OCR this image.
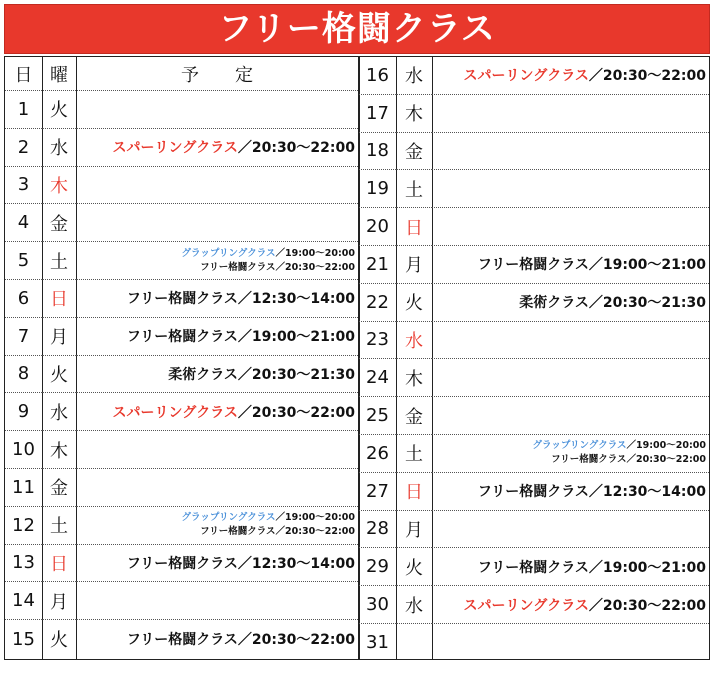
フリー格闘クラス
日 曜	予　　定
1	火
2	水	スパーリングクラス／20:30〜22:00
3	木
4	金
5	土	グラップリングクラス／19:00〜20:00
フリー格闘クラス／20:30〜22:00
6	日	フリー格闘クラス／12:30〜14:00
7	月	フリー格闘クラス／19:00〜21:00
8	火	柔術クラス／20:30〜21:30
9	水	スパーリングクラス／20:30〜22:00
10 木
11 金
12 土	グラップリングクラス／19:00〜20:00
フリー格闘クラス／20:30〜22:00
13 日	フリー格闘クラス／12:30〜14:00
14 月
15 火	フリー格闘クラス／20:30〜22:00
16 水	スパーリングクラス／20:30〜22:00
17 木
18 金
19 土
20 日
21 月	フリー格闘クラス／19:00〜21:00
22 火	柔術クラス／20:30〜21:30
23 水
24 木
25 金
26 土	グラップリングクラス／19:00〜20:00
フリー格闘クラス／20:30〜22:00
27 日	フリー格闘クラス／12:30〜14:00
28 月
29 火	フリー格闘クラス／19:00〜21:00
30 水	スパーリングクラス／20:30〜22:00
31
